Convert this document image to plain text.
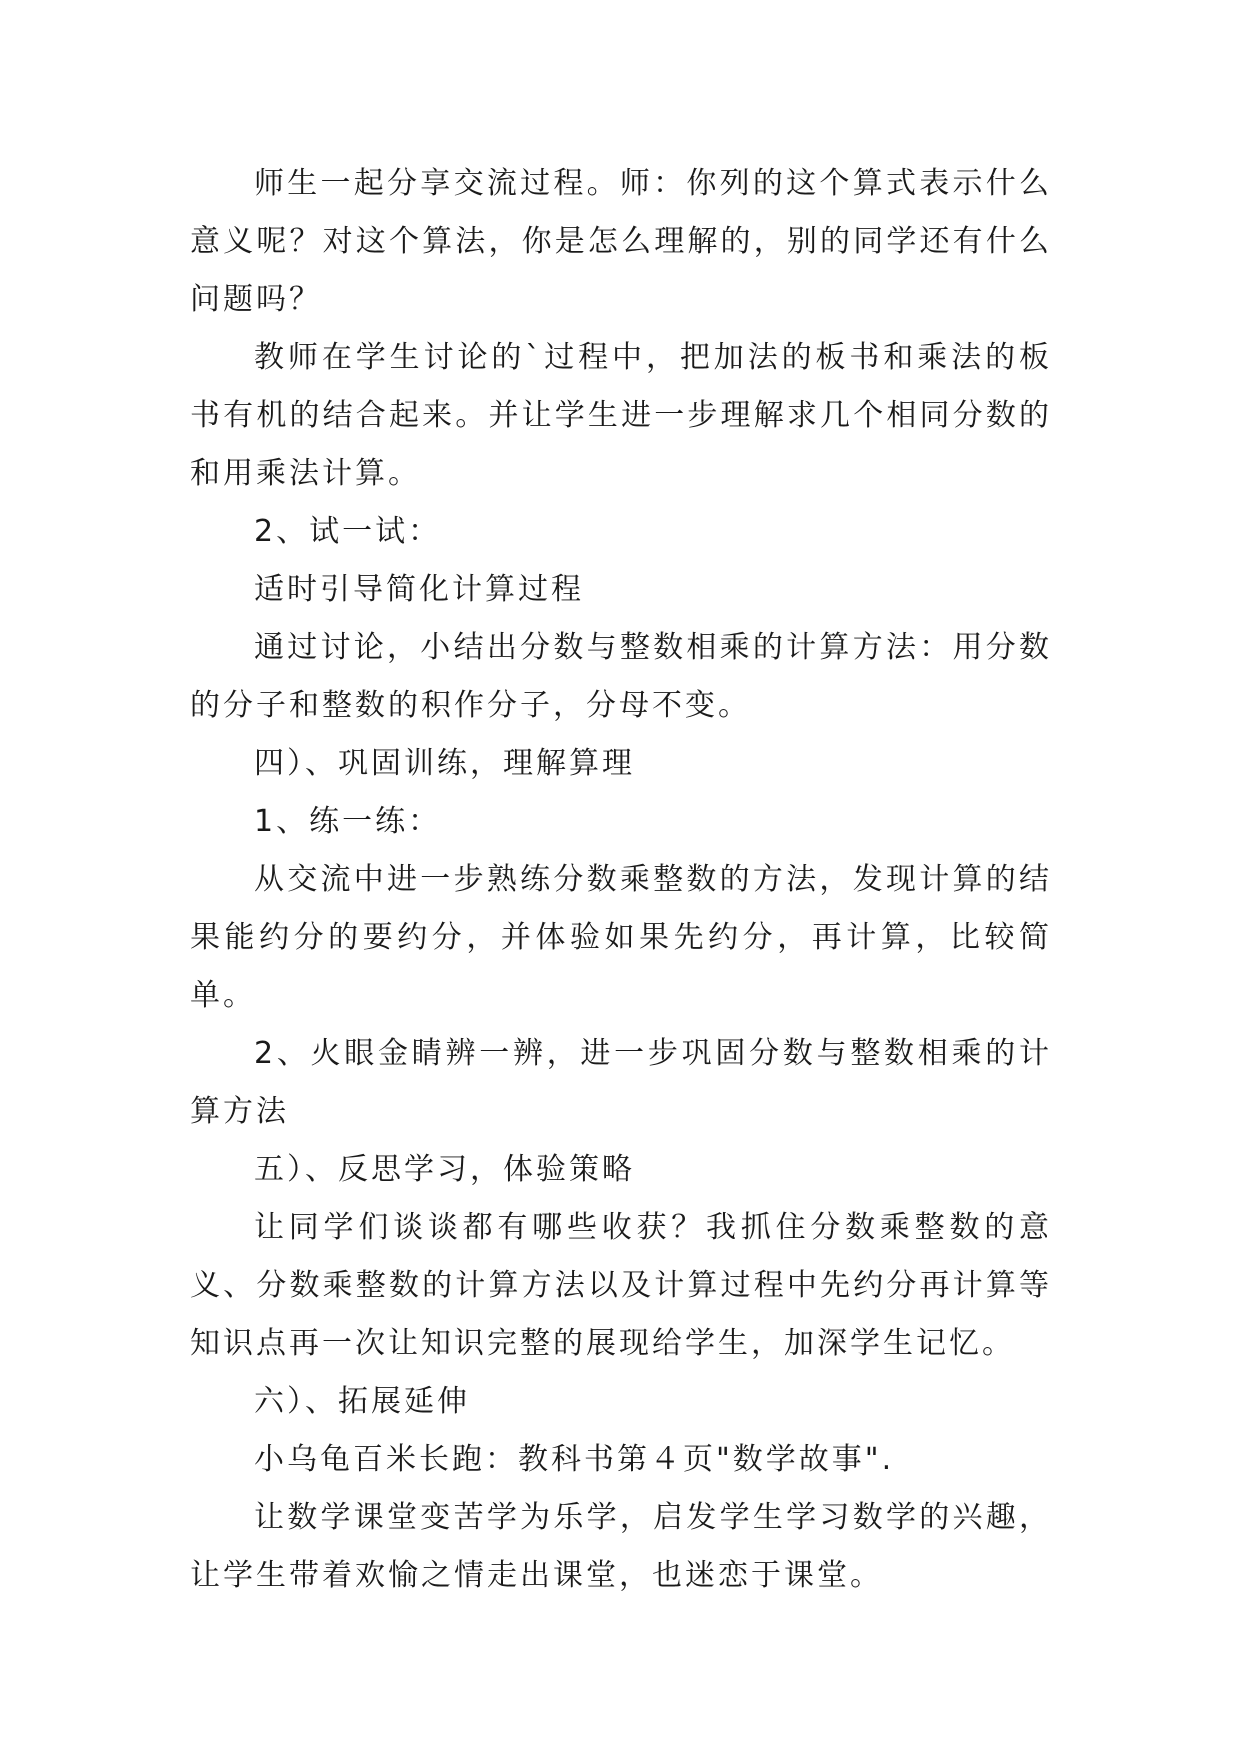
师生一起分享交流过程。师：你列的这个算式表示什么意义呢？对这个算法，你是怎么理解的，别的同学还有什么问题吗？

教师在学生讨论的`过程中，把加法的板书和乘法的板书有机的结合起来。并让学生进一步理解求几个相同分数的和用乘法计算。

2、试一试：

适时引导简化计算过程

通过讨论，小结出分数与整数相乘的计算方法：用分数的分子和整数的积作分子，分母不变。

四）、巩固训练，理解算理

1、练一练：

从交流中进一步熟练分数乘整数的方法，发现计算的结果能约分的要约分，并体验如果先约分，再计算，比较简单。

2、火眼金睛辨一辨，进一步巩固分数与整数相乘的计算方法

五）、反思学习，体验策略

让同学们谈谈都有哪些收获？我抓住分数乘整数的意义、分数乘整数的计算方法以及计算过程中先约分再计算等知识点再一次让知识完整的展现给学生，加深学生记忆。

六）、拓展延伸

小乌龟百米长跑：教科书第４页"数学故事".

让数学课堂变苦学为乐学，启发学生学习数学的兴趣，让学生带着欢愉之情走出课堂，也迷恋于课堂。
